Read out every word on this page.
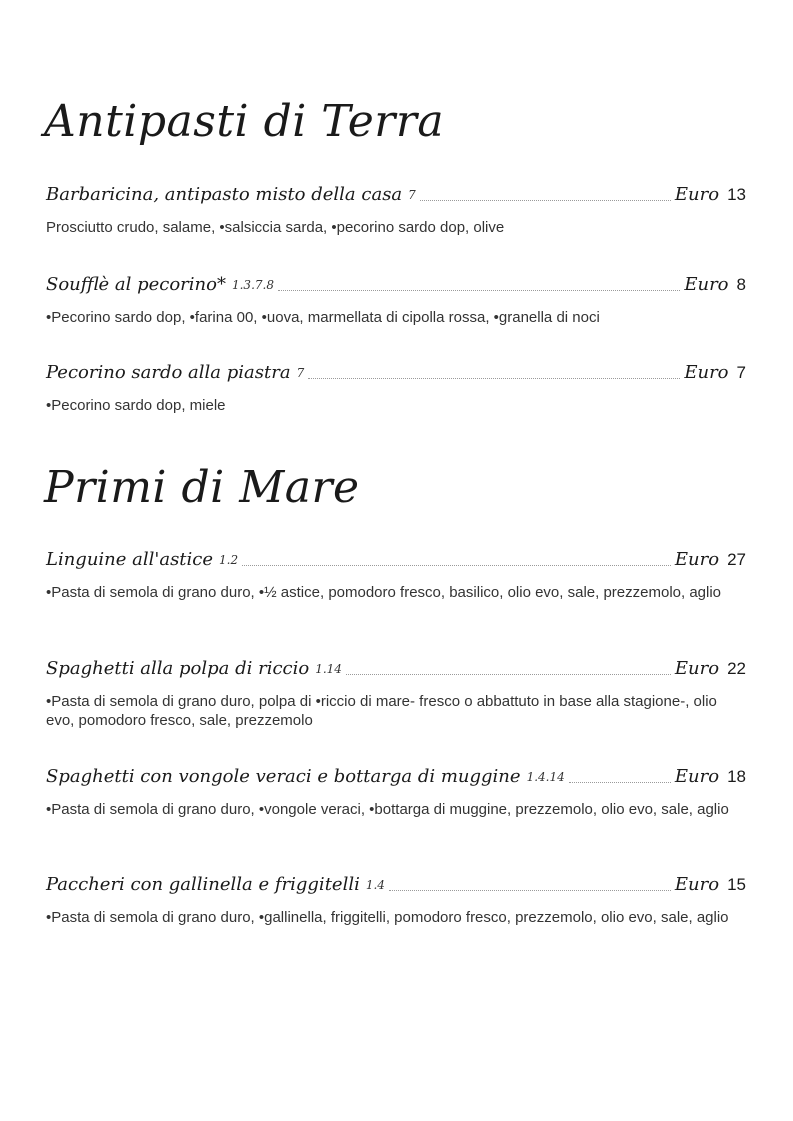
Antipasti di Terra
Barbaricina, antipasto misto della casa 7	Euro 13
Prosciutto crudo, salame, •salsiccia sarda, •pecorino sardo dop, olive
Soufflè al pecorino* 1.3.7.8	Euro 8
•Pecorino sardo dop, •farina 00, •uova, marmellata di cipolla rossa, •granella di noci
Pecorino sardo alla piastra 7	Euro 7
•Pecorino sardo dop, miele
Primi di Mare
Linguine all'astice 1.2	Euro 27
•Pasta di semola di grano duro, •½ astice, pomodoro fresco, basilico, olio evo, sale, prezzemolo, aglio
Spaghetti alla polpa di riccio 1.14	Euro 22
•Pasta di semola di grano duro, polpa di •riccio di mare- fresco o abbattuto in base alla stagione-, olio evo, pomodoro fresco, sale, prezzemolo
Spaghetti con vongole veraci e bottarga di muggine 1.4.14	Euro 18
•Pasta di semola di grano duro, •vongole veraci, •bottarga di muggine, prezzemolo, olio evo, sale, aglio
Paccheri con gallinella e friggitelli 1.4	Euro 15
•Pasta di semola di grano duro, •gallinella, friggitelli, pomodoro fresco, prezzemolo, olio evo, sale, aglio
